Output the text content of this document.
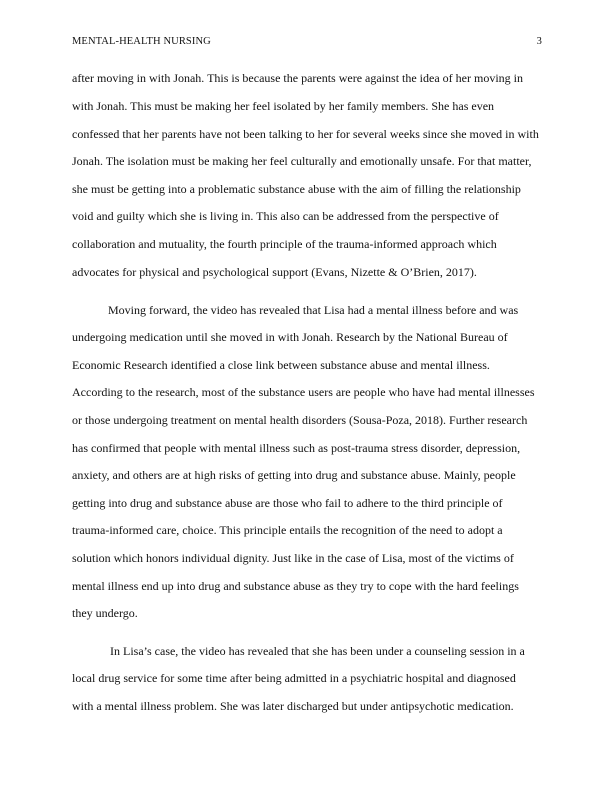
MENTAL-HEALTH NURSING	3
after moving in with Jonah. This is because the parents were against the idea of her moving in
with Jonah. This must be making her feel isolated by her family members. She has even
confessed that her parents have not been talking to her for several weeks since she moved in with
Jonah. The isolation must be making her feel culturally and emotionally unsafe. For that matter,
she must be getting into a problematic substance abuse with the aim of filling the relationship
void and guilty which she is living in. This also can be addressed from the perspective of
collaboration and mutuality, the fourth principle of the trauma-informed approach which
advocates for physical and psychological support (Evans, Nizette & O’Brien, 2017).
Moving forward, the video has revealed that Lisa had a mental illness before and was
undergoing medication until she moved in with Jonah. Research by the National Bureau of
Economic Research identified a close link between substance abuse and mental illness.
According to the research, most of the substance users are people who have had mental illnesses
or those undergoing treatment on mental health disorders (Sousa-Poza, 2018). Further research
has confirmed that people with mental illness such as post-trauma stress disorder, depression,
anxiety, and others are at high risks of getting into drug and substance abuse. Mainly, people
getting into drug and substance abuse are those who fail to adhere to the third principle of
trauma-informed care, choice. This principle entails the recognition of the need to adopt a
solution which honors individual dignity. Just like in the case of Lisa, most of the victims of
mental illness end up into drug and substance abuse as they try to cope with the hard feelings
they undergo.
In Lisa’s case, the video has revealed that she has been under a counseling session in a
local drug service for some time after being admitted in a psychiatric hospital and diagnosed
with a mental illness problem. She was later discharged but under antipsychotic medication.
